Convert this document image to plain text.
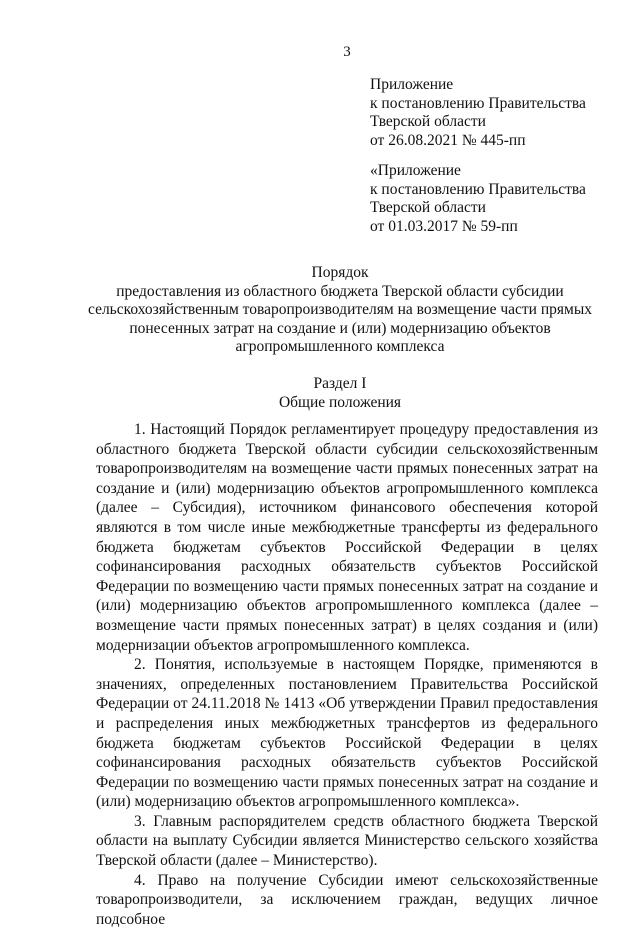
3
Приложение
к постановлению Правительства
Тверской области
от 26.08.2021 № 445-пп
«Приложение
к постановлению Правительства
Тверской области
от 01.03.2017 № 59-пп
Порядок
предоставления из областного бюджета Тверской области субсидии
сельскохозяйственным товаропроизводителям на возмещение части прямых
понесенных затрат на создание и (или) модернизацию объектов
агропромышленного комплекса
Раздел I
Общие положения

1. Настоящий Порядок регламентирует процедуру предоставления из областного бюджета Тверской области субсидии сельскохозяйственным товаропроизводителям на возмещение части прямых понесенных затрат на создание и (или) модернизацию объектов агропромышленного комплекса (далее – Субсидия), источником финансового обеспечения которой являются в том числе иные межбюджетные трансферты из федерального бюджета бюджетам субъектов Российской Федерации в целях софинансирования расходных обязательств субъектов Российской Федерации по возмещению части прямых понесенных затрат на создание и (или) модернизацию объектов агропромышленного комплекса (далее – возмещение части прямых понесенных затрат) в целях создания и (или) модернизации объектов агропромышленного комплекса.

2. Понятия, используемые в настоящем Порядке, применяются в значениях, определенных постановлением Правительства Российской Федерации от 24.11.2018 № 1413 «Об утверждении Правил предоставления и распределения иных межбюджетных трансфертов из федерального бюджета бюджетам субъектов Российской Федерации в целях софинансирования расходных обязательств субъектов Российской Федерации по возмещению части прямых понесенных затрат на создание и (или) модернизацию объектов агропромышленного комплекса».

3. Главным распорядителем средств областного бюджета Тверской области на выплату Субсидии является Министерство сельского хозяйства Тверской области (далее – Министерство).

4. Право на получение Субсидии имеют сельскохозяйственные товаропроизводители, за исключением граждан, ведущих личное подсобное
